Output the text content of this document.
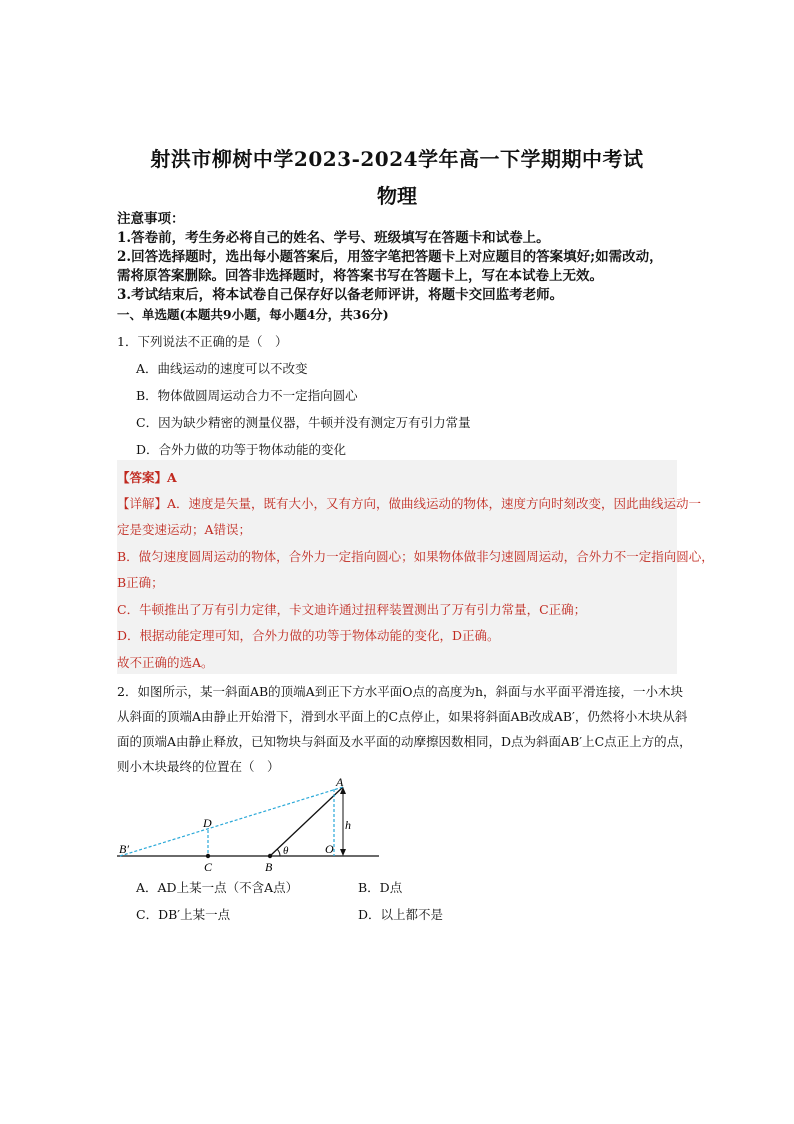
射洪市柳树中学2023-2024学年高一下学期期中考试
物理
注意事项：
1.答卷前，考生务必将自己的姓名、学号、班级填写在答题卡和试卷上。
2.回答选择题时，选出每小题答案后，用签字笔把答题卡上对应题目的答案填好;如需改动，
需将原答案删除。回答非选择题时，将答案书写在答题卡上，写在本试卷上无效。
3.考试结束后，将本试卷自己保存好以备老师评讲，将题卡交回监考老师。
一、单选题(本题共9小题，每小题4分，共36分)
1．下列说法不正确的是（　）
A．曲线运动的速度可以不改变
B．物体做圆周运动合力不一定指向圆心
C．因为缺少精密的测量仪器，牛顿并没有测定万有引力常量
D．合外力做的功等于物体动能的变化
【答案】A
【详解】A．速度是矢量，既有大小，又有方向，做曲线运动的物体，速度方向时刻改变，因此曲线运动一
定是变速运动；A错误；
B．做匀速度圆周运动的物体，合外力一定指向圆心；如果物体做非匀速圆周运动，合外力不一定指向圆心，
B正确；
C．牛顿推出了万有引力定律，卡文迪许通过扭秤装置测出了万有引力常量，C正确；
D．根据动能定理可知，合外力做的功等于物体动能的变化，D正确。
故不正确的选A。
2．如图所示，某一斜面AB的顶端A到正下方水平面O点的高度为h，斜面与水平面平滑连接，一小木块
从斜面的顶端A由静止开始滑下，滑到水平面上的C点停止，如果将斜面AB改成AB′，仍然将小木块从斜
面的顶端A由静止释放，已知物块与斜面及水平面的动摩擦因数相同，D点为斜面AB′上C点正上方的点，
则小木块最终的位置在（　）
A
D	h
θ	O
B′
C	B
A．AD上某一点（不含A点）	B．D点
C．DB′上某一点	D．以上都不是
